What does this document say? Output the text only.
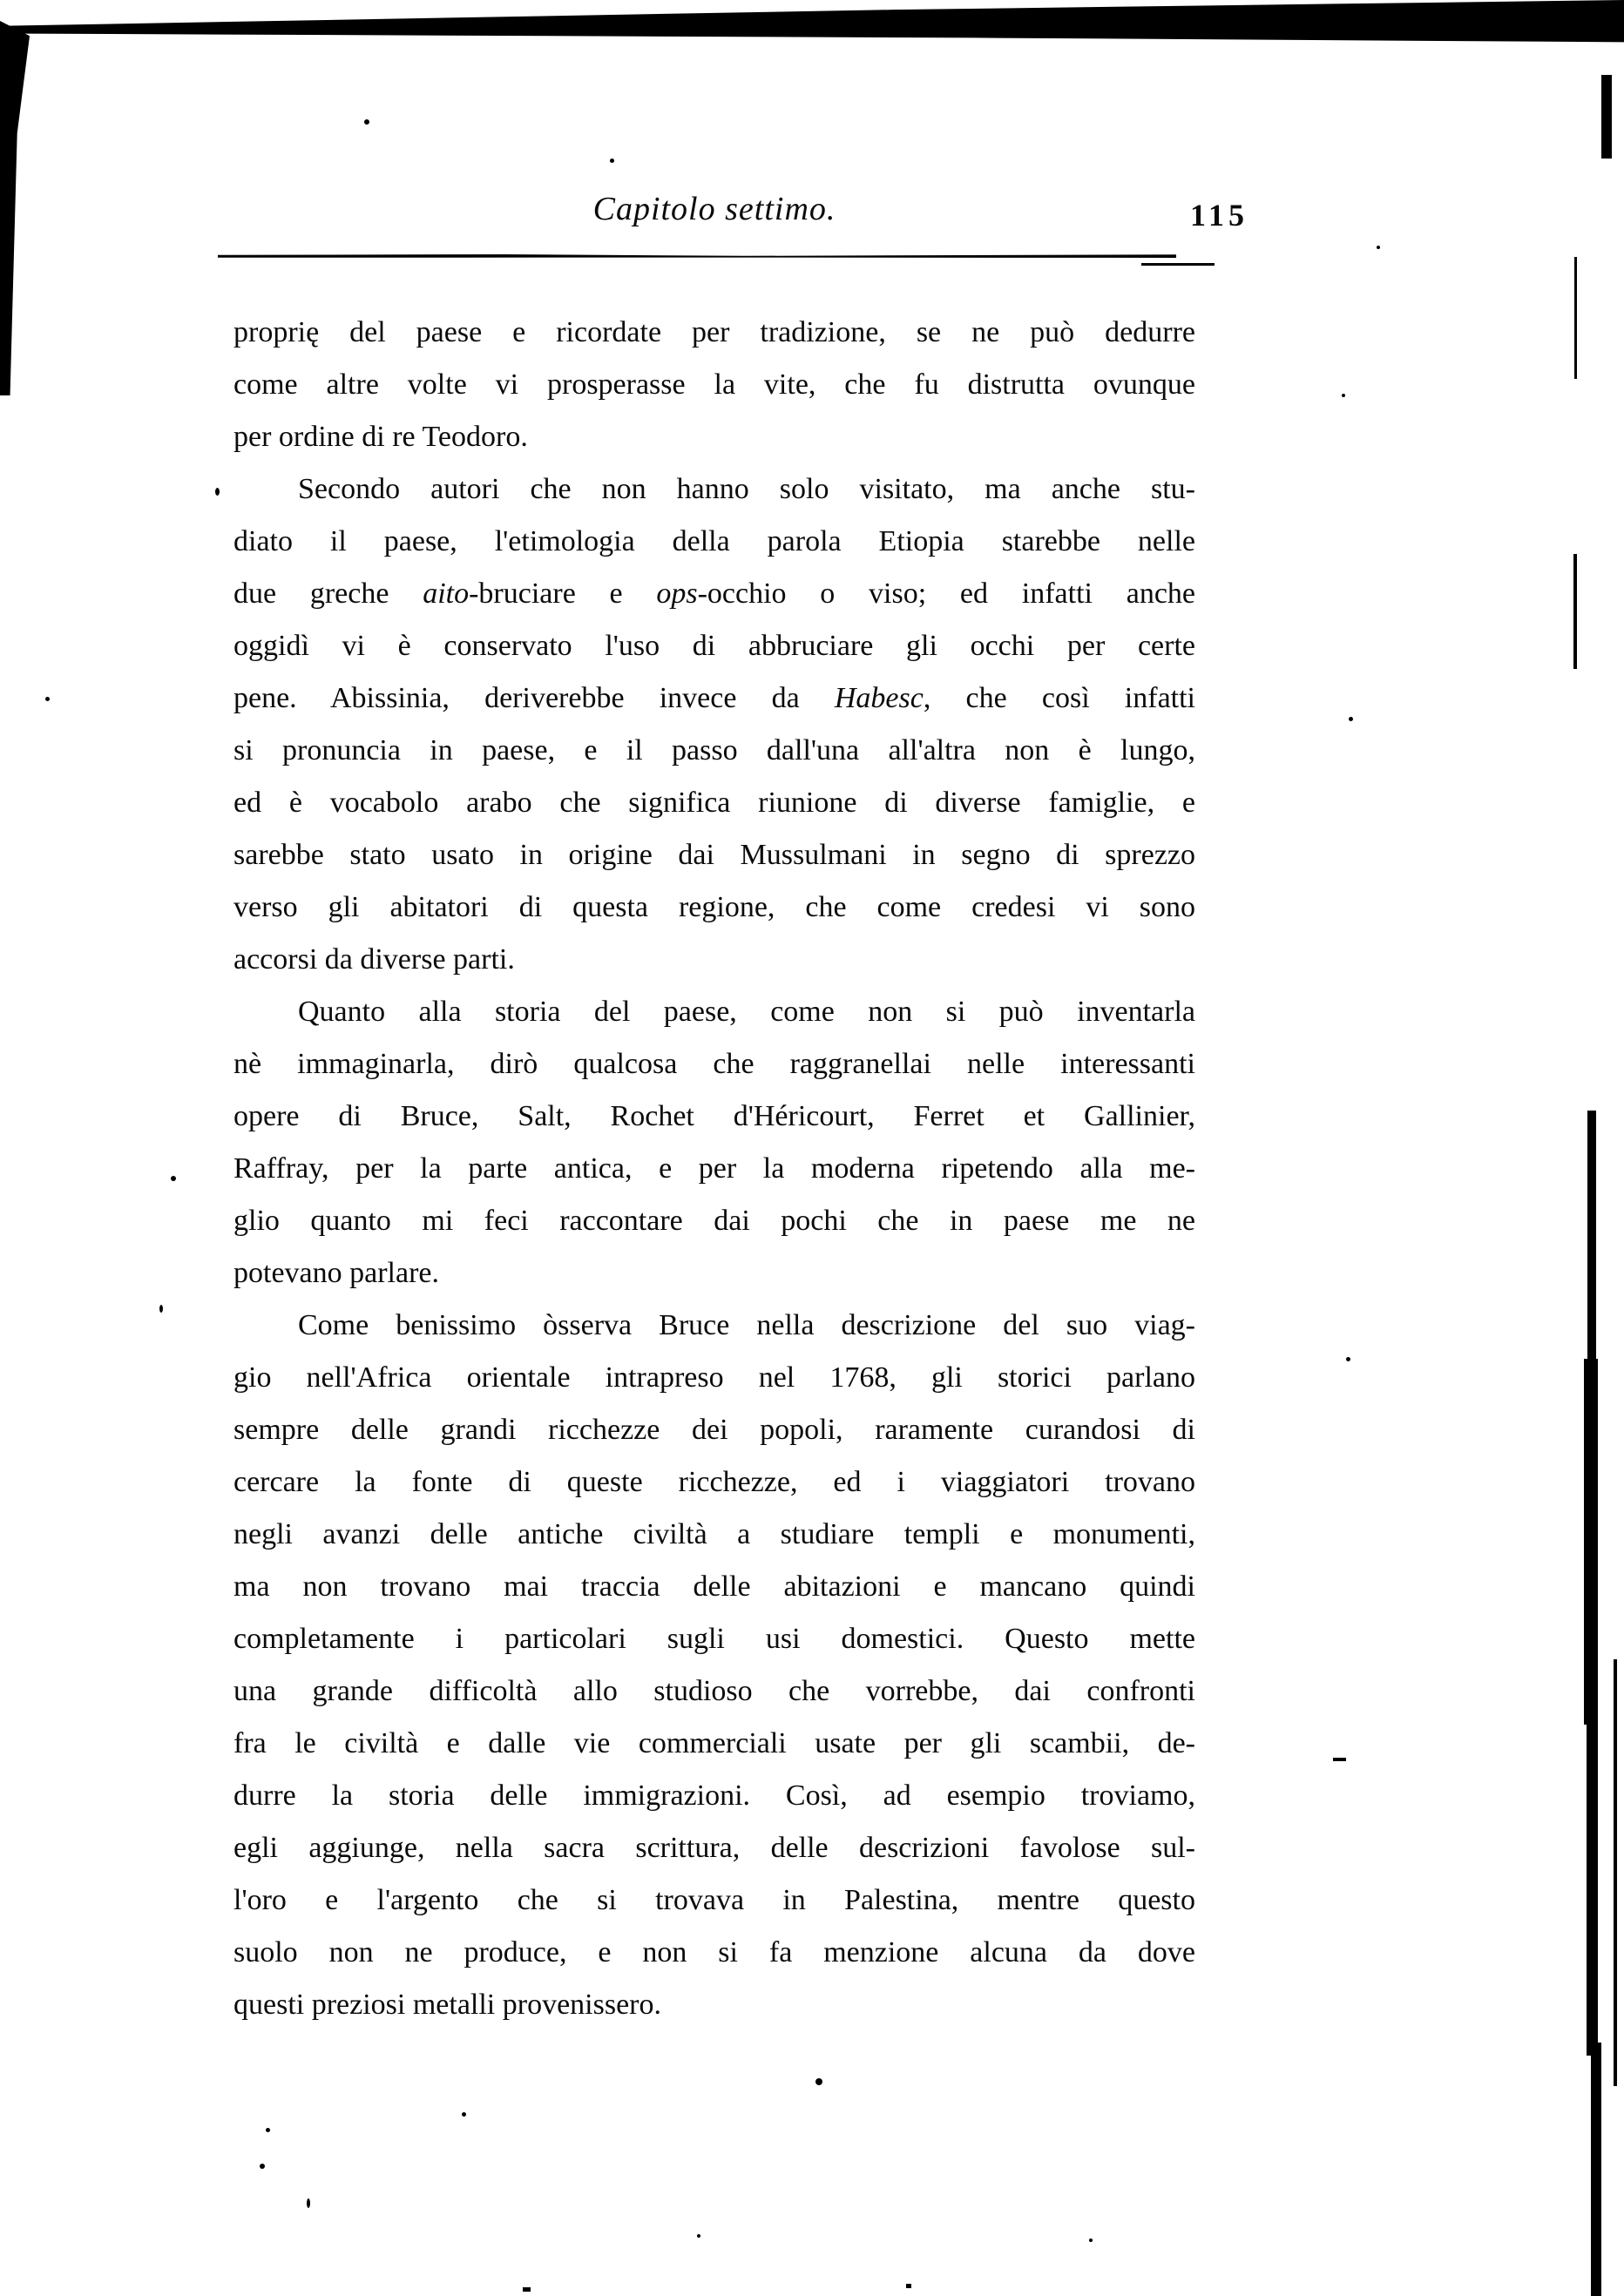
Capitolo settimo.	115
proprię del paese e ricordate per tradizione, se ne può dedurre
come altre volte vi prosperasse la vite, che fu distrutta ovunque
per ordine di re Teodoro.
Secondo autori che non hanno solo visitato, ma anche stu-
diato il paese, l'etimologia della parola Etiopia starebbe nelle
due greche aito-bruciare e ops-occhio o viso; ed infatti anche
oggidì vi è conservato l'uso di abbruciare gli occhi per certe
pene. Abissinia, deriverebbe invece da Habesc, che così infatti
si pronuncia in paese, e il passo dall'una all'altra non è lungo,
ed è vocabolo arabo che significa riunione di diverse famiglie, e
sarebbe stato usato in origine dai Mussulmani in segno di sprezzo
verso gli abitatori di questa regione, che come credesi vi sono
accorsi da diverse parti.
Quanto alla storia del paese, come non si può inventarla
nè immaginarla, dirò qualcosa che raggranellai nelle interessanti
opere di Bruce, Salt, Rochet d'Héricourt, Ferret et Gallinier,
Raffray, per la parte antica, e per la moderna ripetendo alla me-
glio quanto mi feci raccontare dai pochi che in paese me ne
potevano parlare.
Come benissimo òsserva Bruce nella descrizione del suo viag-
gio nell'Africa orientale intrapreso nel 1768, gli storici parlano
sempre delle grandi ricchezze dei popoli, raramente curandosi di
cercare la fonte di queste ricchezze, ed i viaggiatori trovano
negli avanzi delle antiche civiltà a studiare templi e monumenti,
ma non trovano mai traccia delle abitazioni e mancano quindi
completamente i particolari sugli usi domestici. Questo mette
una grande difficoltà allo studioso che vorrebbe, dai confronti
fra le civiltà e dalle vie commerciali usate per gli scambii, de-
durre la storia delle immigrazioni. Così, ad esempio troviamo,
egli aggiunge, nella sacra scrittura, delle descrizioni favolose sul-
l'oro e l'argento che si trovava in Palestina, mentre questo
suolo non ne produce, e non si fa menzione alcuna da dove
questi preziosi metalli provenissero.
